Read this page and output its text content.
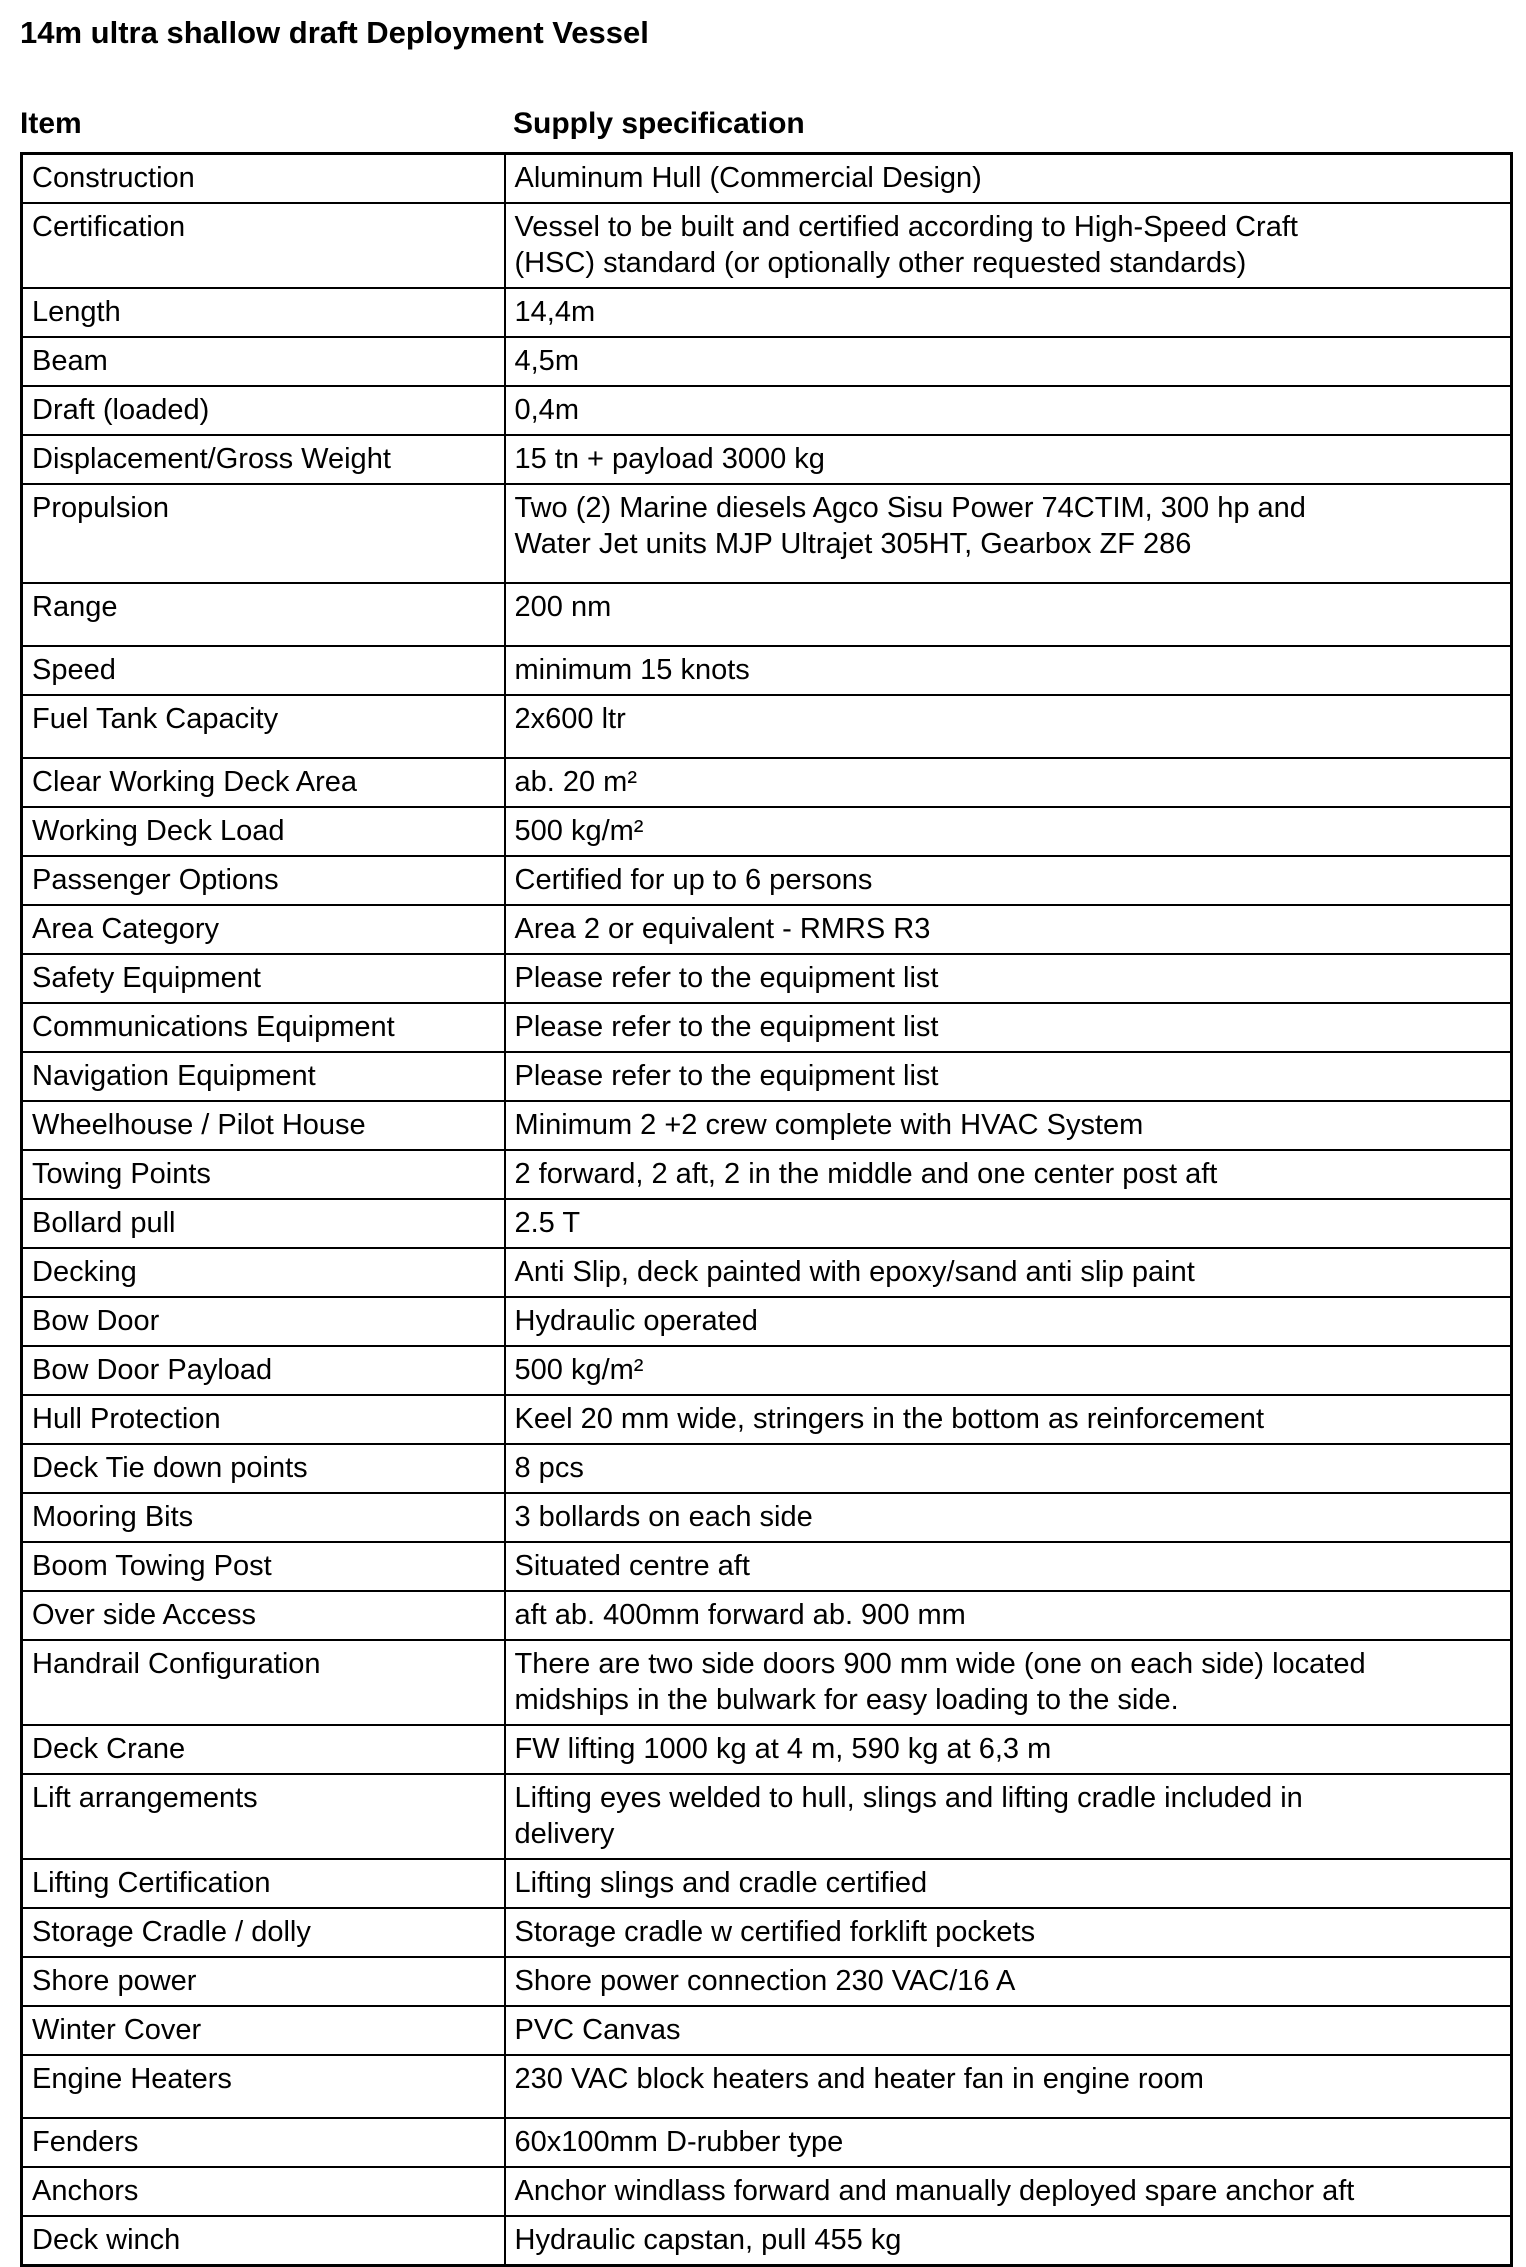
14m ultra shallow draft Deployment Vessel
Item	Supply specification
Construction	Aluminum Hull (Commercial Design)

Certification	Vessel to be built and certified according to High-Speed Craft
(HSC) standard (or optionally other requested standards)

Length	14,4m

Beam	4,5m

Draft (loaded)	0,4m

Displacement/Gross Weight	15 tn + payload 3000 kg

Propulsion	Two (2) Marine diesels Agco Sisu Power 74CTIM, 300 hp and
Water Jet units MJP Ultrajet 305HT, Gearbox ZF 286

Range	200 nm

Speed	minimum 15 knots

Fuel Tank Capacity	2x600 ltr

Clear Working Deck Area	ab. 20 m²

Working Deck Load	500 kg/m²

Passenger Options	Certified for up to 6 persons

Area Category	Area 2 or equivalent - RMRS R3

Safety Equipment	Please refer to the equipment list

Communications Equipment	Please refer to the equipment list

Navigation Equipment	Please refer to the equipment list

Wheelhouse / Pilot House	Minimum 2 +2 crew complete with HVAC System

Towing Points	2 forward, 2 aft, 2 in the middle and one center post aft

Bollard pull	2.5 T

Decking	Anti Slip, deck painted with epoxy/sand anti slip paint

Bow Door	Hydraulic operated

Bow Door Payload	500 kg/m²

Hull Protection	Keel 20 mm wide, stringers in the bottom as reinforcement

Deck Tie down points	8 pcs

Mooring Bits	3 bollards on each side

Boom Towing Post	Situated centre aft

Over side Access	aft ab. 400mm forward ab. 900 mm

Handrail Configuration	There are two side doors 900 mm wide (one on each side) located
midships in the bulwark for easy loading to the side.

Deck Crane	FW lifting 1000 kg at 4 m, 590 kg at 6,3 m

Lift arrangements	Lifting eyes welded to hull, slings and lifting cradle included in
delivery

Lifting Certification	Lifting slings and cradle certified

Storage Cradle / dolly	Storage cradle w certified forklift pockets

Shore power	Shore power connection 230 VAC/16 A

Winter Cover	PVC Canvas

Engine Heaters	230 VAC block heaters and heater fan in engine room

Fenders	60x100mm D-rubber type

Anchors	Anchor windlass forward and manually deployed spare anchor aft

Deck winch	Hydraulic capstan, pull 455 kg
